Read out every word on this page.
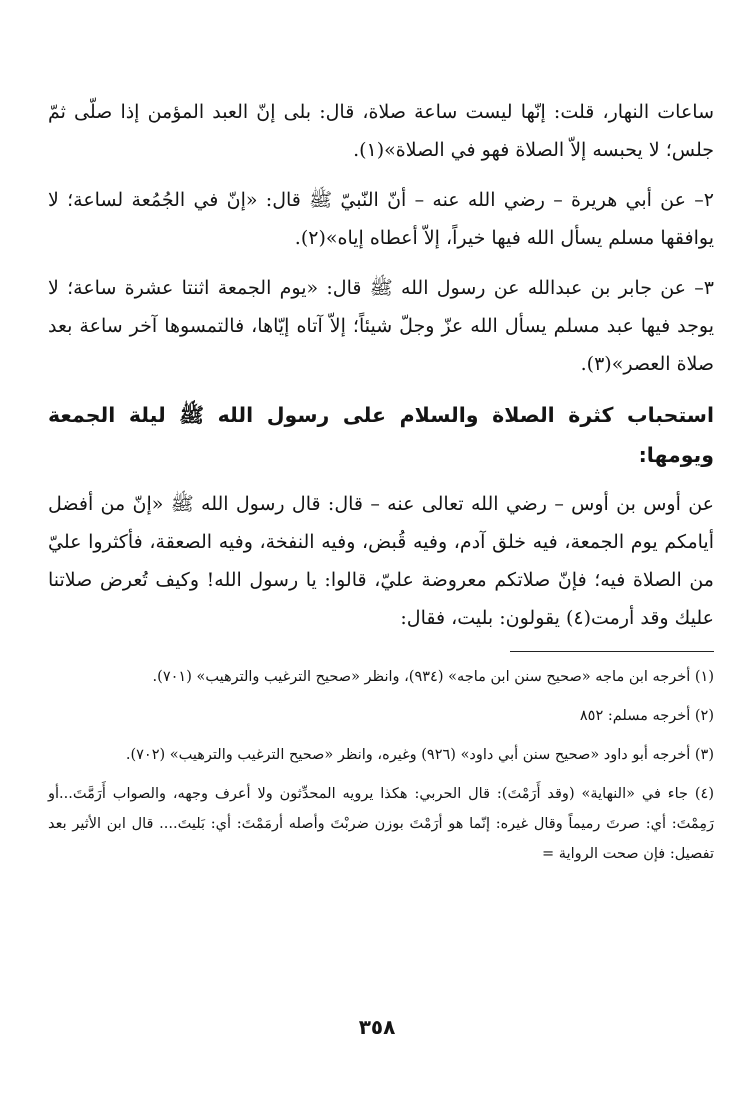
ساعات النهار، قلت: إنّها ليست ساعة صلاة، قال: بلى إنّ العبد المؤمن إذا صلّى ثمّ جلس؛ لا يحبسه إلاّ الصلاة فهو في الصلاة»(١).

٢– عن أبي هريرة – رضي الله عنه – أنّ النّبيّ ﷺ قال: «إنّ في الجُمُعة لساعة؛ لا يوافقها مسلم يسأل الله فيها خيراً، إلاّ أعطاه إياه»(٢).

٣– عن جابر بن عبدالله عن رسول الله ﷺ قال: «يوم الجمعة اثنتا عشرة ساعة؛ لا يوجد فيها عبد مسلم يسأل الله عزّ وجلّ شيئاً؛ إلاّ آتاه إيّاها، فالتمسوها آخر ساعة بعد صلاة العصر»(٣).

استحباب كثرة الصلاة والسلام على رسول الله ﷺ ليلة الجمعة ويومها:

عن أوس بن أوس – رضي الله تعالى عنه – قال: قال رسول الله ﷺ «إنّ من أفضل أيامكم يوم الجمعة، فيه خلق آدم، وفيه قُبض، وفيه النفخة، وفيه الصعقة، فأكثروا عليّ من الصلاة فيه؛ فإنّ صلاتكم معروضة عليّ، قالوا: يا رسول الله! وكيف تُعرض صلاتنا عليك وقد أرمت(٤) يقولون: بليت، فقال:

(١) أخرجه ابن ماجه «صحيح سنن ابن ماجه» (٩٣٤)، وانظر «صحيح الترغيب والترهيب» (٧٠١).

(٢) أخرجه مسلم: ٨٥٢

(٣) أخرجه أبو داود «صحيح سنن أبي داود» (٩٢٦) وغيره، وانظر «صحيح الترغيب والترهيب» (٧٠٢).

(٤) جاء في «النهاية» (وقد أَرَمْتَ): قال الحربي: هكذا يرويه المحدِّثون ولا أعرف وجهه، والصواب أَرَمَّتَ...أو رَمِمْتَ: أي: صرتَ رميماً وقال غيره: إنّما هو أرَمْتَ بوزن ضربْتَ وأصله أرمَمْتَ: أي: بَليتَ.... قال ابن الأثير بعد تفصيل: فإن صحت الرواية =

٣٥٨
